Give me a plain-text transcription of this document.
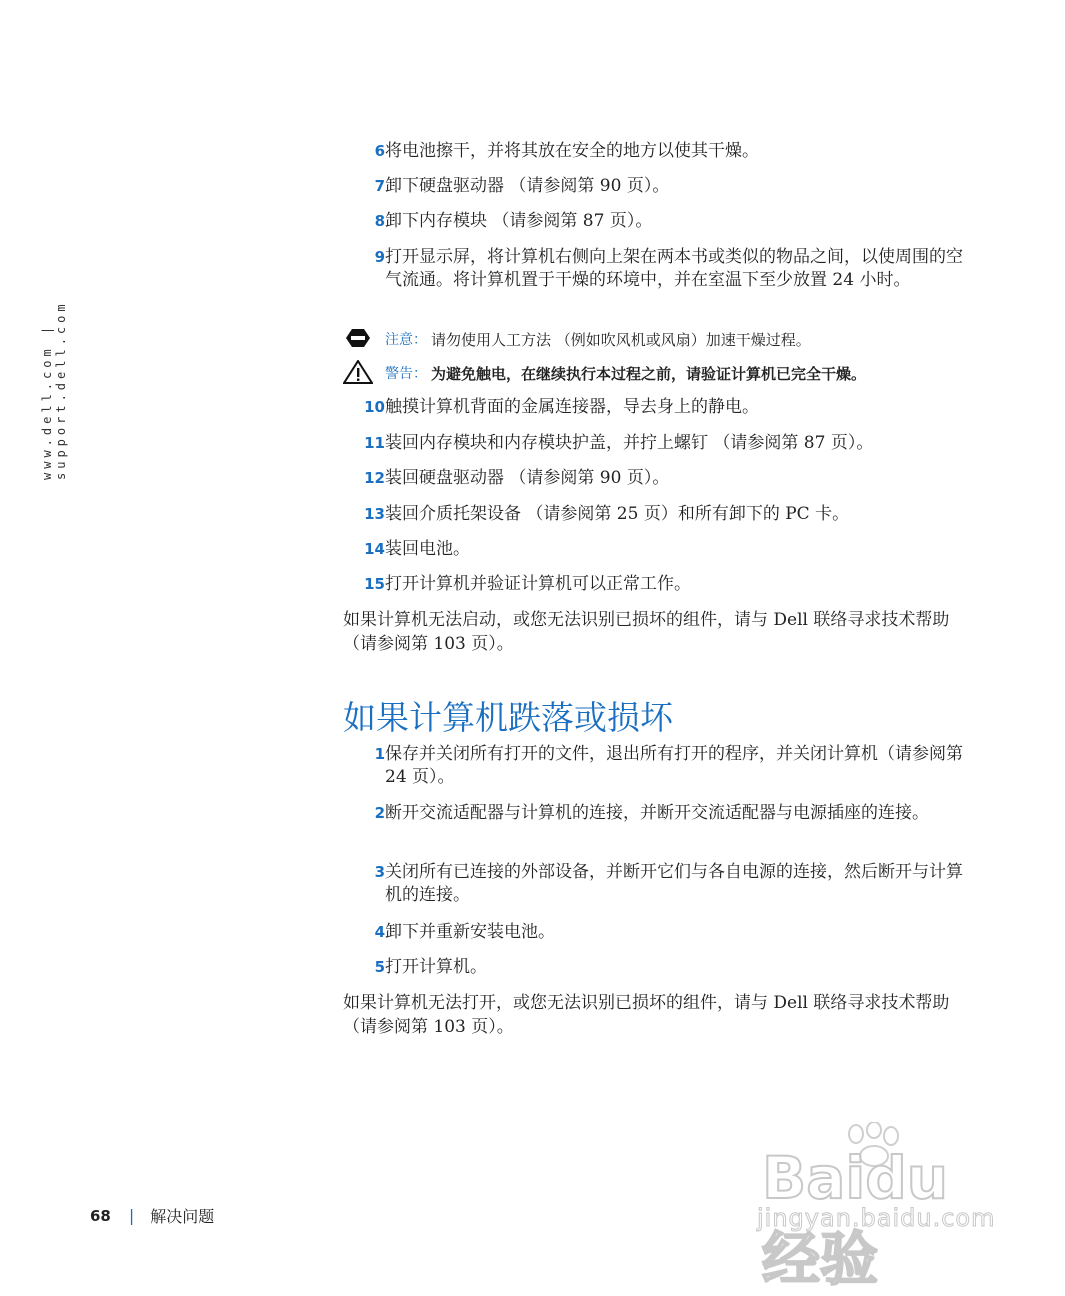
www.dell.com | support.dell.com
6 将电池擦干，并将其放在安全的地方以使其干燥。
7 卸下硬盘驱动器 （请参阅第 90 页）。
8 卸下内存模块 （请参阅第 87 页）。
9 打开显示屏，将计算机右侧向上架在两本书或类似的物品之间，以使周围的空气流通。将计算机置于干燥的环境中，并在室温下至少放置 24 小时。
注意： 请勿使用人工方法 （例如吹风机或风扇）加速干燥过程。
警告： 为避免触电，在继续执行本过程之前，请验证计算机已完全干燥。
10 触摸计算机背面的金属连接器，导去身上的静电。
11 装回内存模块和内存模块护盖，并拧上螺钉 （请参阅第 87 页）。
12 装回硬盘驱动器 （请参阅第 90 页）。
13 装回介质托架设备 （请参阅第 25 页）和所有卸下的 PC 卡。
14 装回电池。
15 打开计算机并验证计算机可以正常工作。
如果计算机无法启动，或您无法识别已损坏的组件，请与 Dell 联络寻求技术帮助 （请参阅第 103 页）。
如果计算机跌落或损坏
1 保存并关闭所有打开的文件，退出所有打开的程序，并关闭计算机（请参阅第 24 页）。
2 断开交流适配器与计算机的连接，并断开交流适配器与电源插座的连接。
3 关闭所有已连接的外部设备，并断开它们与各自电源的连接，然后断开与计算机的连接。
4 卸下并重新安装电池。
5 打开计算机。
如果计算机无法打开，或您无法识别已损坏的组件，请与 Dell 联络寻求技术帮助 （请参阅第 103 页）。
68 | 解决问题
Baidu经验
jingyan.baidu.com
